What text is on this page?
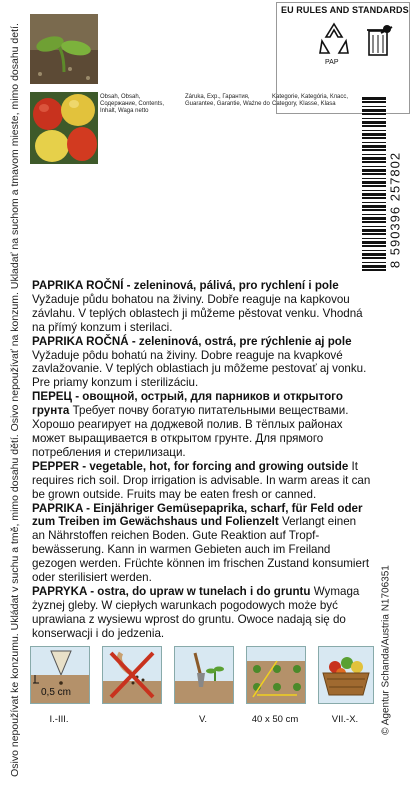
Osivo nepoužívat ke konzumu. Ukládat v suchu a tmě, mimo dosahu dětí. Osivo nepoužívať na konzum. Ukladať na suchom a tmavom mieste, mimo dosahu detí.
EU RULES AND STANDARDS
PAP
Obsah, Obsah, Содержание, Contents, Inhalt, Waga netto
Záruka, Exp., Гарантия, Guarantee, Garantie, Ważne do
Kategorie, Kategória, Класс, Category, Klasse, Klasa
8 590396 257802

PAPRIKA ROČNÍ - zeleninová, pálivá, pro rychlení i pole Vyžaduje půdu bohatou na živiny. Dobře reaguje na kapkovou závlahu. V teplých oblastech ji můžeme pěstovat venku. Vhodná na přímý konzum i sterilaci.

PAPRIKA ROČNÁ - zeleninová, ostrá, pre rýchlenie aj pole Vyžaduje pôdu bohatú na živiny. Dobre reaguje na kvapkové zavlažovanie. V teplých oblastiach ju môžeme pestovať aj vonku. Pre priamy konzum i sterilizáciu.

ПЕРЕЦ - овощной, острый, для парников и открытого грунта Требует почву богатую питательными веществами. Хорошо реагирует на доджевой полив. В тёплых районах может выращивается в открытом грунте. Для прямого потребления и стерилизаци.

PEPPER - vegetable, hot, for forcing and growing outside It requires rich soil. Drop irrigation is advisable. In warm areas it can be grown outside. Fruits may be eaten fresh or canned.

PAPRIKA - Einjähriger Gemüsepaprika, scharf, für Feld oder zum Treiben im Gewächshaus und Folienzelt Verlangt einen an Nährstoffen reichen Boden. Gute Reaktion auf Tropf-bewässerung. Kann in warmen Gebieten auch im Freiland gezogen werden. Früchte können im frischen Zustand konsumiert oder sterilisiert werden.

PAPRYKA - ostra, do upraw w tunelach i do gruntu Wymaga żyznej gleby. W ciepłych warunkach pogodowych może być uprawiana z wysiewu wprost do gruntu. Owoce nadają się do konserwacji i do jedzenia.	© Agentur Schanda/Austria N1706351
0,5 cm
I.-III.	V.	40 x 50 cm	VII.-X.
